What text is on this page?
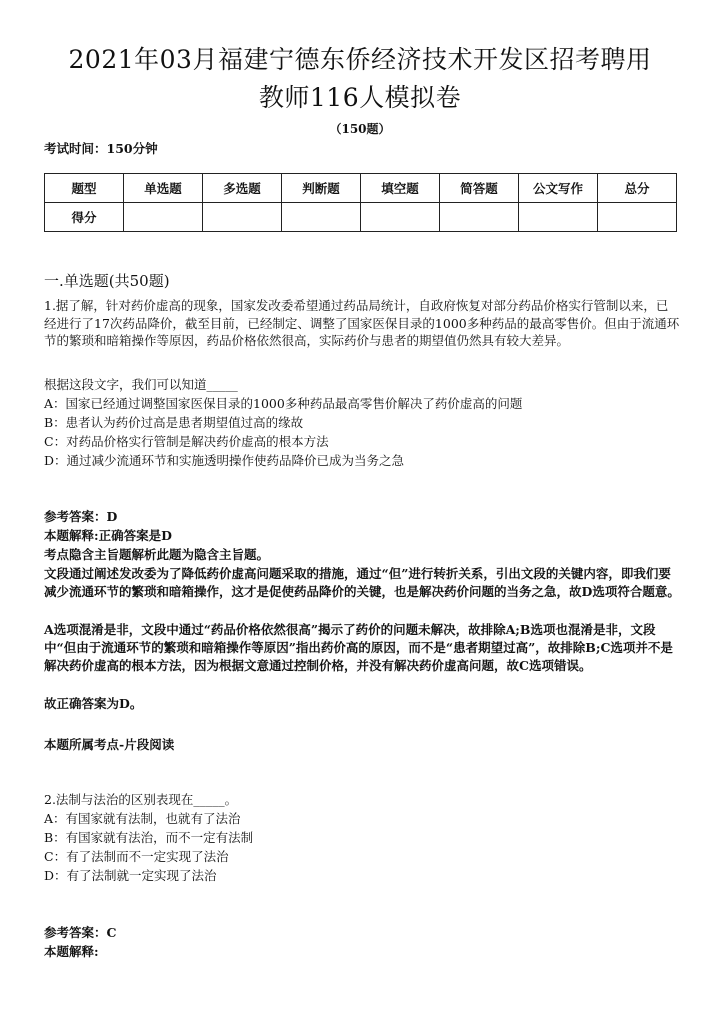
2021年03月福建宁德东侨经济技术开发区招考聘用
教师116人模拟卷
（150题）
考试时间：150分钟
题型	单选题	多选题	判断题	填空题	简答题	公文写作	总分
得分							
一.单选题(共50题)

1.据了解，针对药价虚高的现象，国家发改委希望通过药品局统计，自政府恢复对部分药品价格实行管制以来，已经进行了17次药品降价，截至目前，已经制定、调整了国家医保目录的1000多种药品的最高零售价。但由于流通环节的繁琐和暗箱操作等原因，药品价格依然很高，实际药价与患者的期望值仍然具有较大差异。

根据这段文字，我们可以知道_____
A：国家已经通过调整国家医保目录的1000多种药品最高零售价解决了药价虚高的问题
B：患者认为药价过高是患者期望值过高的缘故
C：对药品价格实行管制是解决药价虚高的根本方法
D：通过减少流通环节和实施透明操作使药品降价已成为当务之急
参考答案：D
本题解释:正确答案是D
考点隐含主旨题解析此题为隐含主旨题。
文段通过阐述发改委为了降低药价虚高问题采取的措施，通过“但”进行转折关系，引出文段的关键内容，即我们要减少流通环节的繁琐和暗箱操作，这才是促使药品降价的关键，也是解决药价问题的当务之急，故D选项符合题意。
A选项混淆是非，文段中通过“药品价格依然很高”揭示了药价的问题未解决，故排除A;B选项也混淆是非，文段中“但由于流通环节的繁琐和暗箱操作等原因”指出药价高的原因，而不是“患者期望过高”，故排除B;C选项并不是解决药价虚高的根本方法，因为根据文意通过控制价格，并没有解决药价虚高问题，故C选项错误。
故正确答案为D。
本题所属考点-片段阅读
2.法制与法治的区别表现在_____。
A：有国家就有法制，也就有了法治
B：有国家就有法治，而不一定有法制
C：有了法制而不一定实现了法治
D：有了法制就一定实现了法治
参考答案：C
本题解释:
